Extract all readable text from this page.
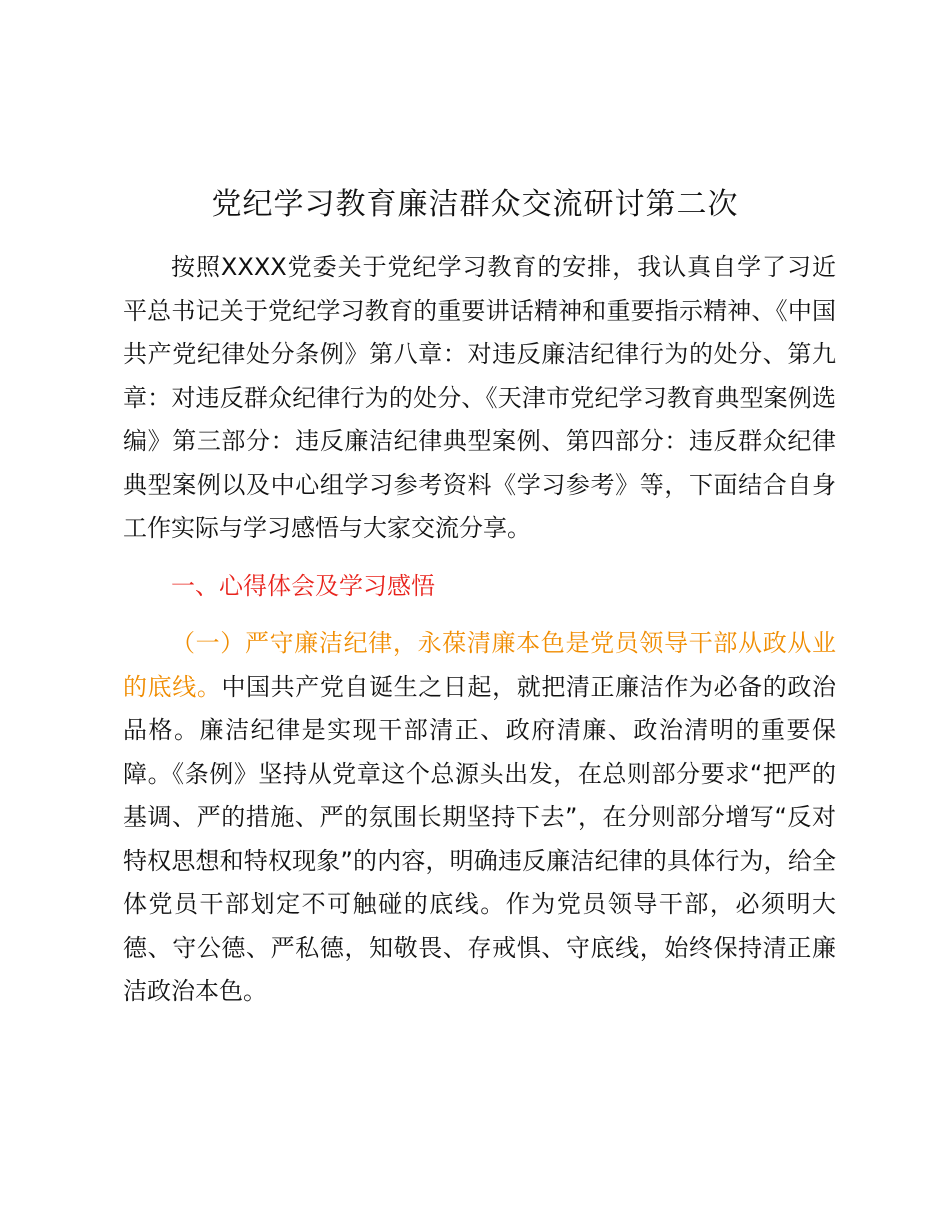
党纪学习教育廉洁群众交流研讨第二次

按照XXXX党委关于党纪学习教育的安排，我认真自学了习近平总书记关于党纪学习教育的重要讲话精神和重要指示精神、《中国共产党纪律处分条例》第八章：对违反廉洁纪律行为的处分、第九章：对违反群众纪律行为的处分、《天津市党纪学习教育典型案例选编》第三部分：违反廉洁纪律典型案例、第四部分：违反群众纪律典型案例以及中心组学习参考资料《学习参考》等，下面结合自身工作实际与学习感悟与大家交流分享。

一、心得体会及学习感悟

（一）严守廉洁纪律，永葆清廉本色是党员领导干部从政从业的底线。中国共产党自诞生之日起，就把清正廉洁作为必备的政治品格。廉洁纪律是实现干部清正、政府清廉、政治清明的重要保障。《条例》坚持从党章这个总源头出发，在总则部分要求“把严的基调、严的措施、严的氛围长期坚持下去”，在分则部分增写“反对特权思想和特权现象”的内容，明确违反廉洁纪律的具体行为，给全体党员干部划定不可触碰的底线。作为党员领导干部，必须明大德、守公德、严私德，知敬畏、存戒惧、守底线，始终保持清正廉洁政治本色。
